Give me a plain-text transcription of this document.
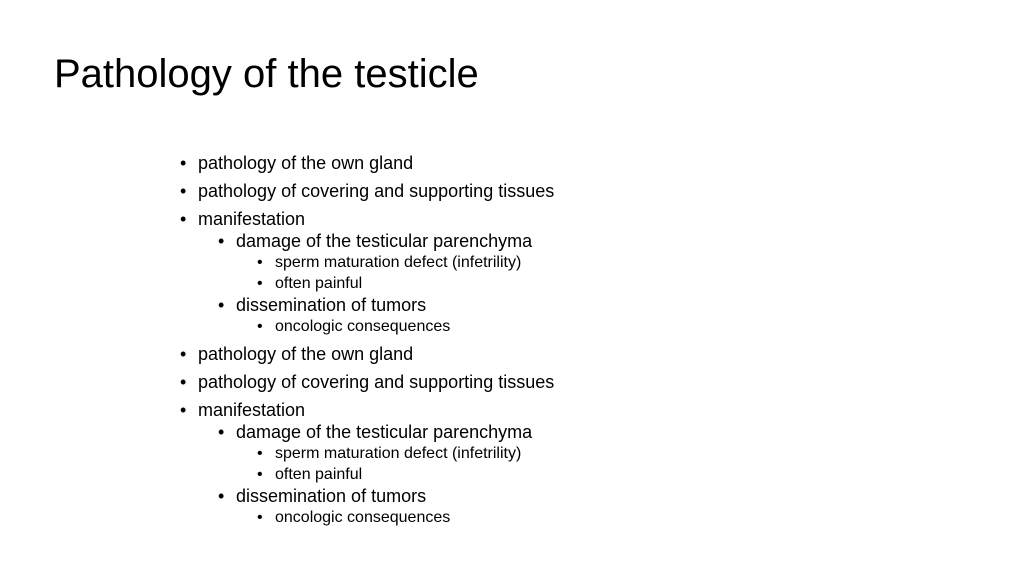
Pathology of the testicle
• pathology of the own gland
• pathology of covering and supporting tissues
• manifestation
• damage of the testicular parenchyma
• sperm maturation defect (infetrility)
• often painful
• dissemination of tumors
• oncologic consequences
• pathology of the own gland
• pathology of covering and supporting tissues
• manifestation
• damage of the testicular parenchyma
• sperm maturation defect (infetrility)
• often painful
• dissemination of tumors
• oncologic consequences
